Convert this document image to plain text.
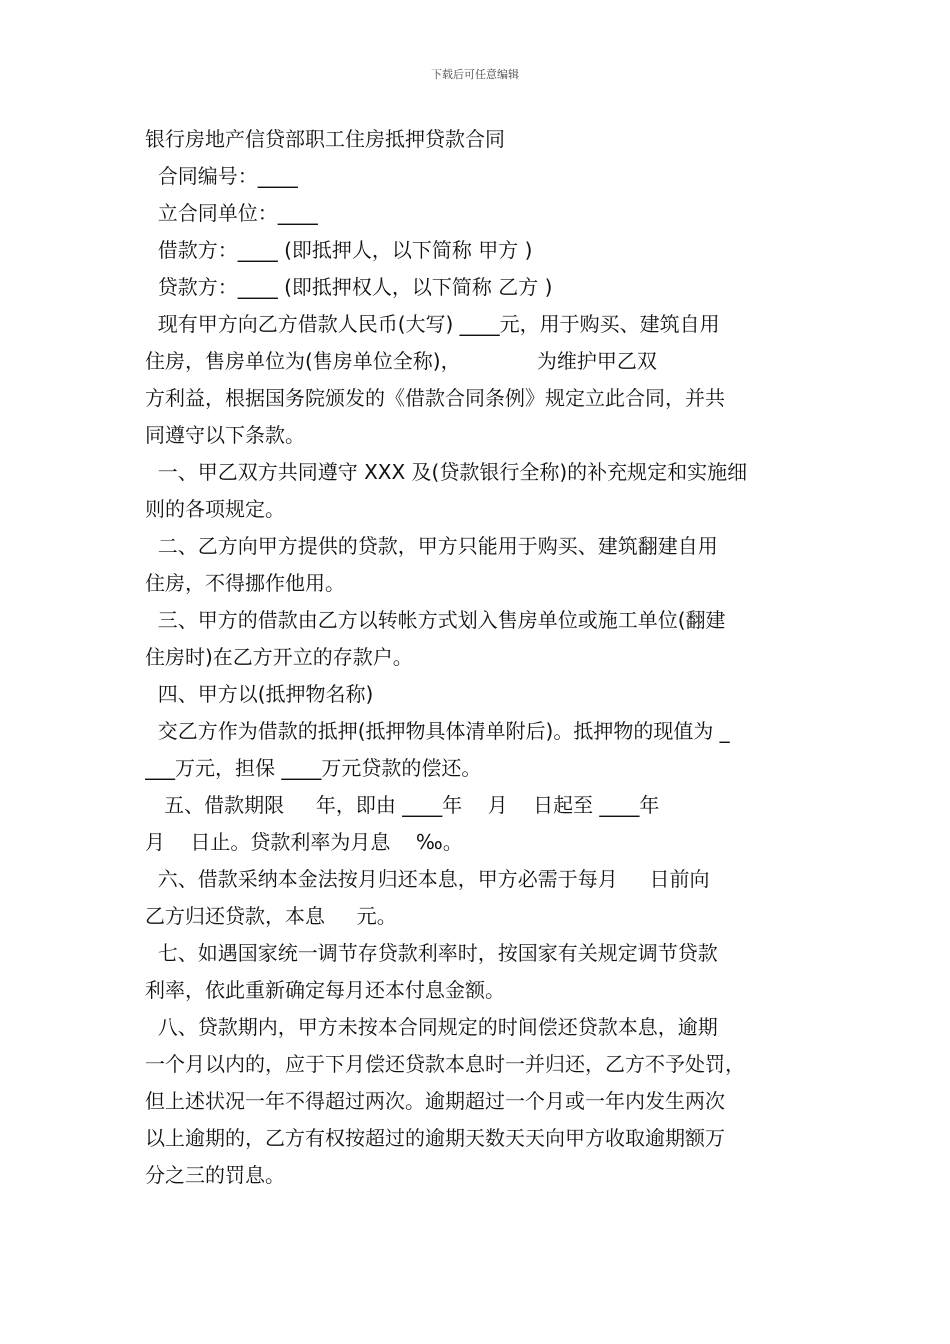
下载后可任意编辑
银行房地产信贷部职工住房抵押贷款合同
合同编号：____
立合同单位：____
借款方：____ (即抵押人，以下简称 甲方 )
贷款方：____ (即抵押权人，以下简称 乙方 )
现有甲方向乙方借款人民币(大写) ____元，用于购买、建筑自用
住房，售房单位为(售房单位全称)，            为维护甲乙双
方利益，根据国务院颁发的《借款合同条例》规定立此合同，并共
同遵守以下条款。
一、甲乙双方共同遵守 XXX 及(贷款银行全称)的补充规定和实施细
则的各项规定。
二、乙方向甲方提供的贷款，甲方只能用于购买、建筑翻建自用
住房，不得挪作他用。
三、甲方的借款由乙方以转帐方式划入售房单位或施工单位(翻建
住房时)在乙方开立的存款户。
四、甲方以(抵押物名称)
交乙方作为借款的抵押(抵押物具体清单附后)。抵押物的现值为 _
___万元，担保 ____万元贷款的偿还。
五、借款期限     年，即由 ____年    月    日起至 ____年
月    日止。贷款利率为月息    ‰。
六、借款采纳本金法按月归还本息，甲方必需于每月     日前向
乙方归还贷款，本息     元。
七、如遇国家统一调节存贷款利率时，按国家有关规定调节贷款
利率，依此重新确定每月还本付息金额。
八、贷款期内，甲方未按本合同规定的时间偿还贷款本息，逾期
一个月以内的，应于下月偿还贷款本息时一并归还，乙方不予处罚，
但上述状况一年不得超过两次。逾期超过一个月或一年内发生两次
以上逾期的，乙方有权按超过的逾期天数天天向甲方收取逾期额万
分之三的罚息。
